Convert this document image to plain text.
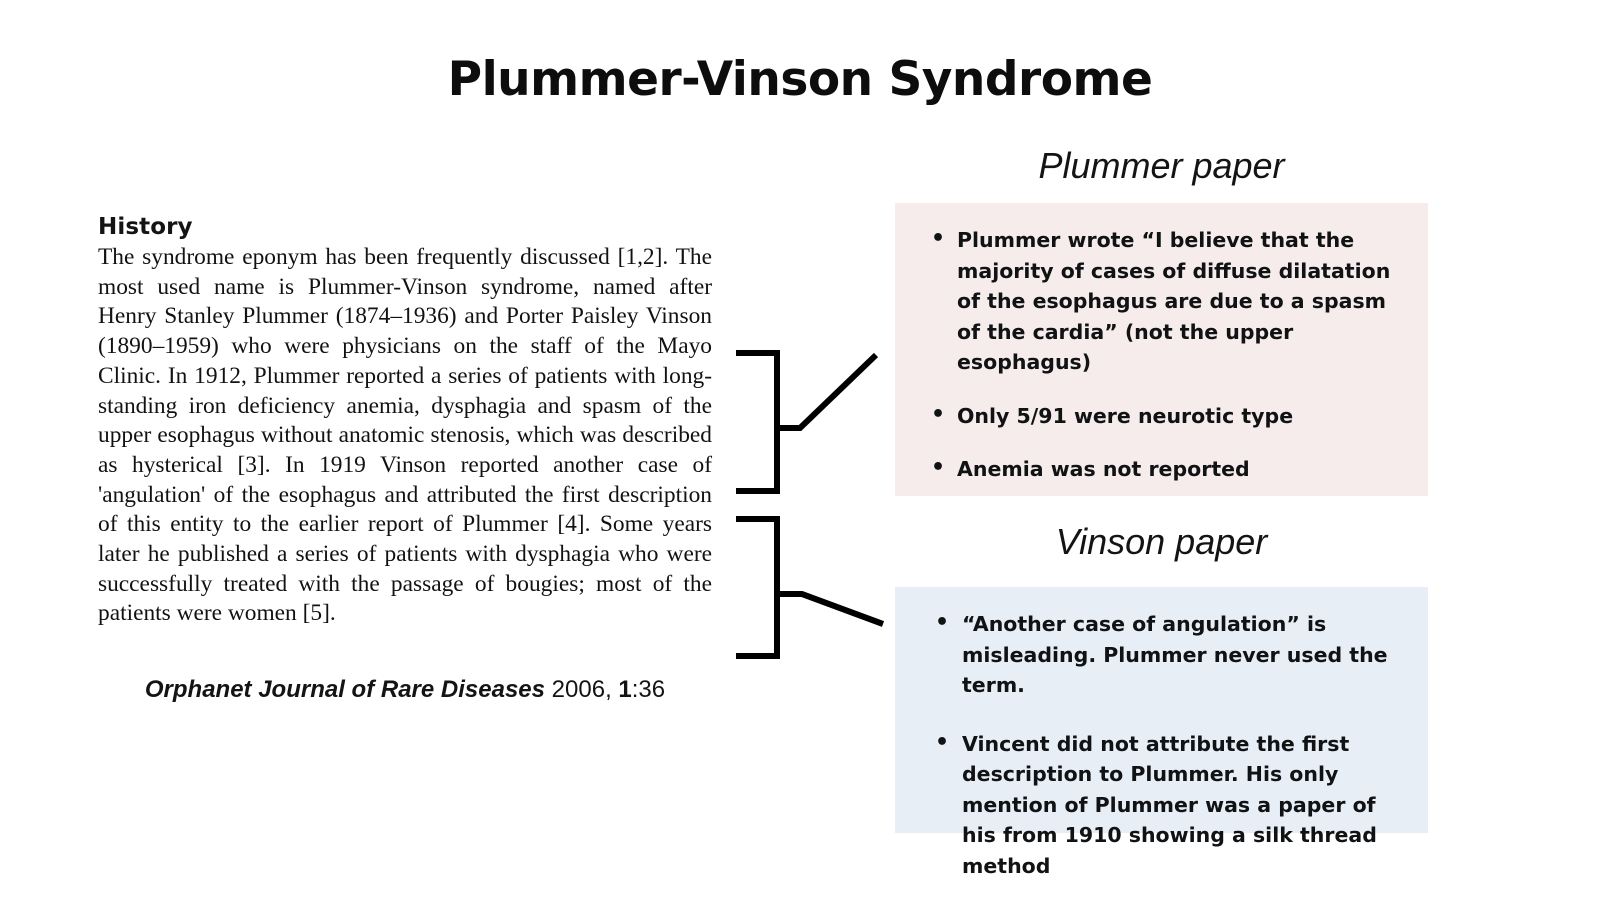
Plummer-Vinson Syndrome
History

The syndrome eponym has been frequently discussed [1,2]. The most used name is Plummer-Vinson syndrome, named after Henry Stanley Plummer (1874–1936) and Porter Paisley Vinson (1890–1959) who were physicians on the staff of the Mayo Clinic. In 1912, Plummer reported a series of patients with long-standing iron deficiency anemia, dysphagia and spasm of the upper esophagus without anatomic stenosis, which was described as hysterical [3]. In 1919 Vinson reported another case of 'angulation' of the esophagus and attributed the first description of this entity to the earlier report of Plummer [4]. Some years later he published a series of patients with dysphagia who were successfully treated with the passage of bougies; most of the patients were women [5].

Orphanet Journal of Rare Diseases 2006, 1:36
Plummer paper
• Plummer wrote “I believe that the majority of cases of diffuse dilatation of the esophagus are due to a spasm of the cardia” (not the upper esophagus)
• Only 5/91 were neurotic type
• Anemia was not reported
Vinson paper
• “Another case of angulation” is misleading. Plummer never used the term.
• Vincent did not attribute the first description to Plummer. His only mention of Plummer was a paper of his from 1910 showing a silk thread method
